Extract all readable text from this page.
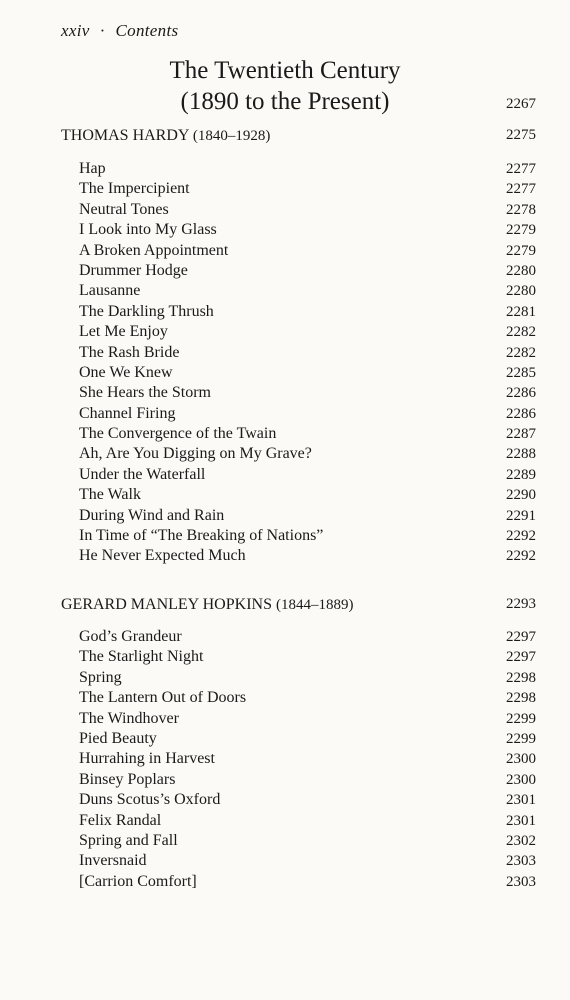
xxiv · Contents
The Twentieth Century
(1890 to the Present)	2267
THOMAS HARDY (1840–1928)	2275
Hap	2277
The Impercipient	2277
Neutral Tones	2278
I Look into My Glass	2279
A Broken Appointment	2279
Drummer Hodge	2280
Lausanne	2280
The Darkling Thrush	2281
Let Me Enjoy	2282
The Rash Bride	2282
One We Knew	2285
She Hears the Storm	2286
Channel Firing	2286
The Convergence of the Twain	2287
Ah, Are You Digging on My Grave?	2288
Under the Waterfall	2289
The Walk	2290
During Wind and Rain	2291
In Time of “The Breaking of Nations”	2292
He Never Expected Much	2292
GERARD MANLEY HOPKINS (1844–1889)	2293
God’s Grandeur	2297
The Starlight Night	2297
Spring	2298
The Lantern Out of Doors	2298
The Windhover	2299
Pied Beauty	2299
Hurrahing in Harvest	2300
Binsey Poplars	2300
Duns Scotus’s Oxford	2301
Felix Randal	2301
Spring and Fall	2302
Inversnaid	2303
[Carrion Comfort]	2303
